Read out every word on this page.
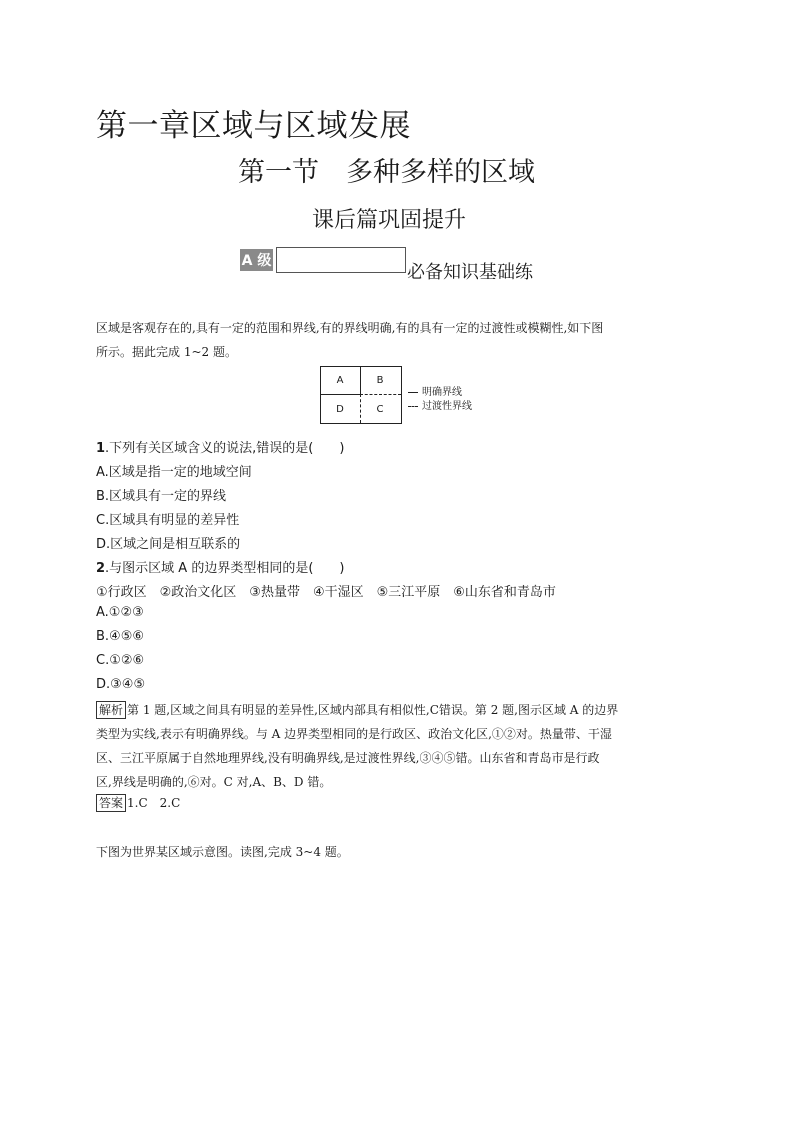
第一章区域与区域发展
第一节　多种多样的区域
课后篇巩固提升
A 级
必备知识基础练
区域是客观存在的,具有一定的范围和界线,有的界线明确,有的具有一定的过渡性或模糊性,如下图
所示。据此完成 1~2 题。
A	B
D	C
明确界线
过渡性界线
1.下列有关区域含义的说法,错误的是(　　)
A.区域是指一定的地域空间
B.区域具有一定的界线
C.区域具有明显的差异性
D.区域之间是相互联系的
2.与图示区域 A 的边界类型相同的是(　　)
①行政区　②政治文化区　③热量带　④干湿区　⑤三江平原　⑥山东省和青岛市
A.①②③
B.④⑤⑥
C.①②⑥
D.③④⑤
解析 第 1 题,区域之间具有明显的差异性,区域内部具有相似性,C错误。第 2 题,图示区域 A 的边界
类型为实线,表示有明确界线。与 A 边界类型相同的是行政区、政治文化区,①②对。热量带、干湿
区、三江平原属于自然地理界线,没有明确界线,是过渡性界线,③④⑤错。山东省和青岛市是行政
区,界线是明确的,⑥对。C 对,A、B、D 错。
答案 1.C　2.C
下图为世界某区域示意图。读图,完成 3~4 题。
